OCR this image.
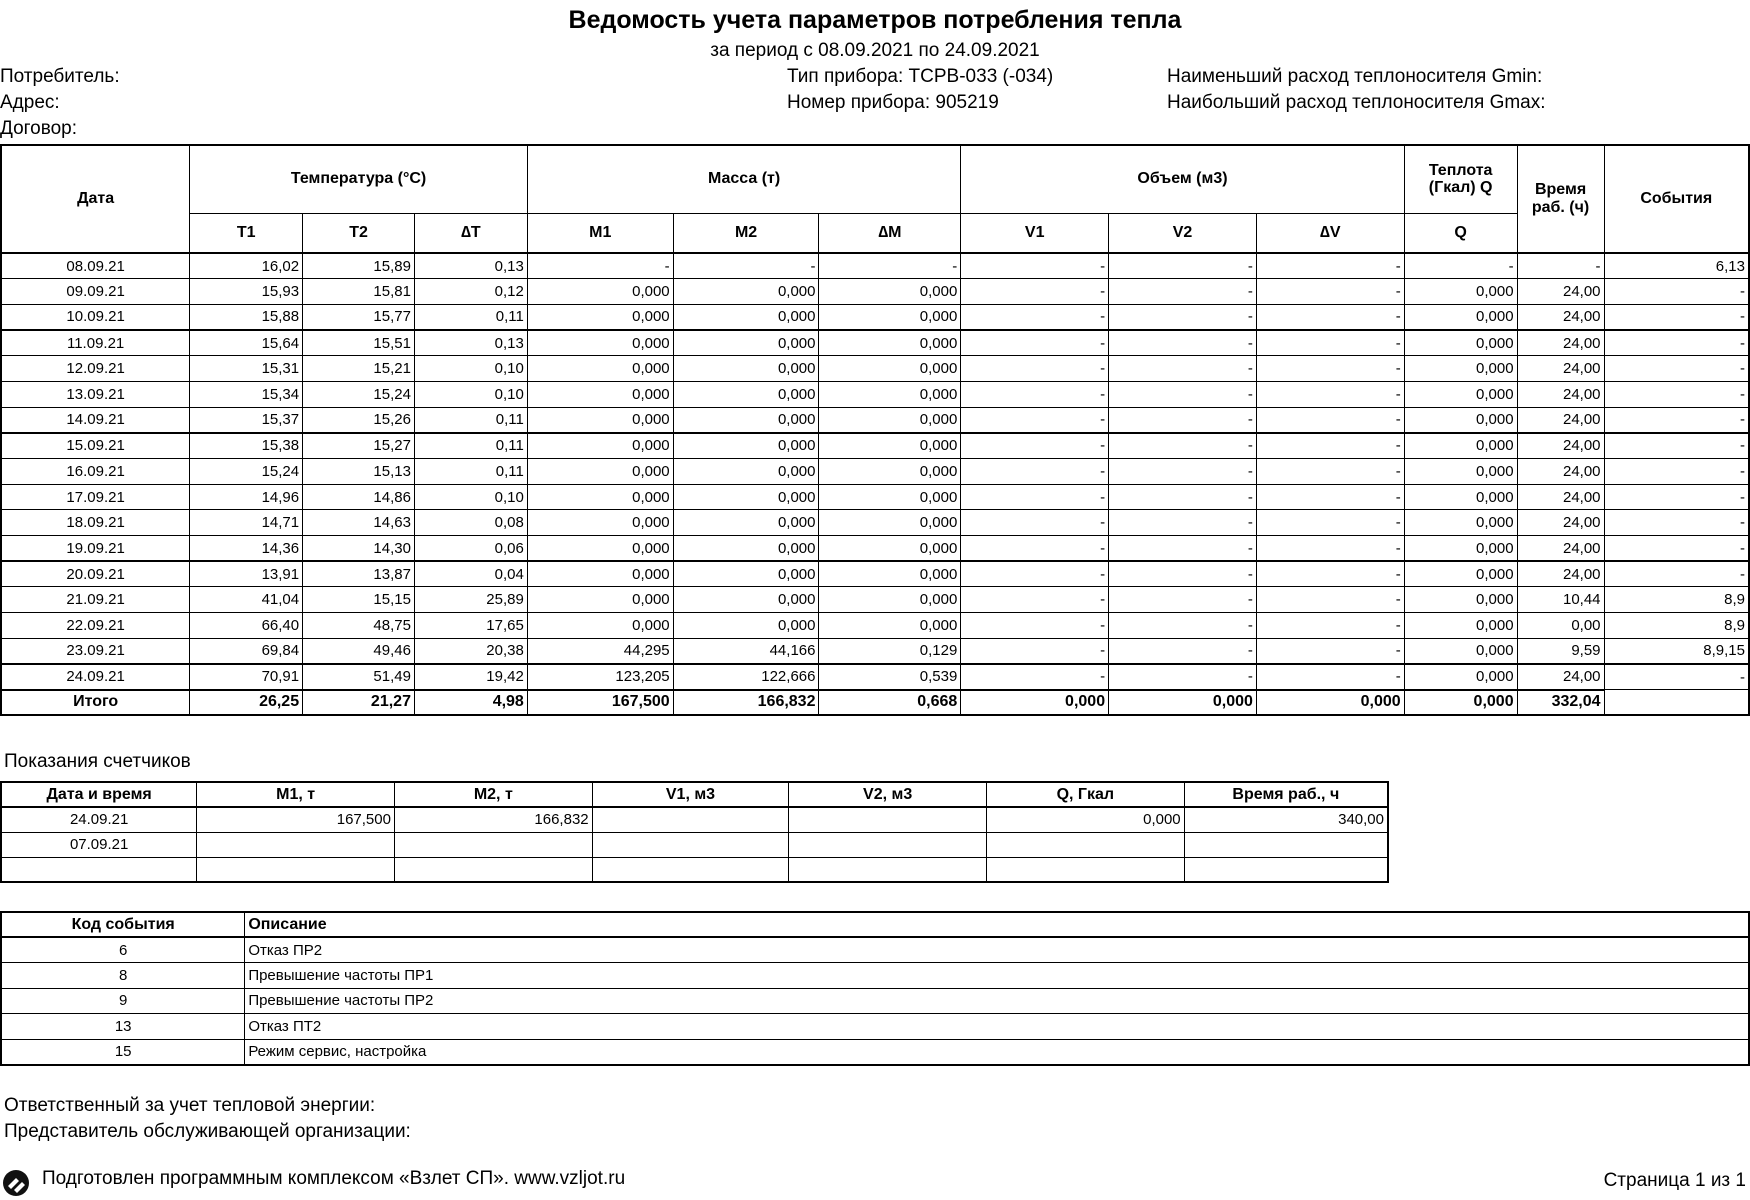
Ведомость учета параметров потребления тепла
за период с 08.09.2021 по 24.09.2021
Потребитель:
Адрес:
Договор:
Тип прибора: ТСРВ-033 (-034)
Номер прибора: 905219
Наименьший расход теплоносителя Gmin:
Наибольший расход теплоносителя Gmax:
Дата	Температура (°С)			Масса (т)			Объем (м3)			Теплота (Гкал) Q	Время раб. (ч)	События
	T1	T2	∆T	M1	M2	∆M	V1	V2	∆V	Q		
08.09.21	16,02	15,89	0,13	-	-	-	-	-	-	-	-	6,13
09.09.21	15,93	15,81	0,12	0,000	0,000	0,000	-	-	-	0,000	24,00	-
10.09.21	15,88	15,77	0,11	0,000	0,000	0,000	-	-	-	0,000	24,00	-
11.09.21	15,64	15,51	0,13	0,000	0,000	0,000	-	-	-	0,000	24,00	-
12.09.21	15,31	15,21	0,10	0,000	0,000	0,000	-	-	-	0,000	24,00	-
13.09.21	15,34	15,24	0,10	0,000	0,000	0,000	-	-	-	0,000	24,00	-
14.09.21	15,37	15,26	0,11	0,000	0,000	0,000	-	-	-	0,000	24,00	-
15.09.21	15,38	15,27	0,11	0,000	0,000	0,000	-	-	-	0,000	24,00	-
16.09.21	15,24	15,13	0,11	0,000	0,000	0,000	-	-	-	0,000	24,00	-
17.09.21	14,96	14,86	0,10	0,000	0,000	0,000	-	-	-	0,000	24,00	-
18.09.21	14,71	14,63	0,08	0,000	0,000	0,000	-	-	-	0,000	24,00	-
19.09.21	14,36	14,30	0,06	0,000	0,000	0,000	-	-	-	0,000	24,00	-
20.09.21	13,91	13,87	0,04	0,000	0,000	0,000	-	-	-	0,000	24,00	-
21.09.21	41,04	15,15	25,89	0,000	0,000	0,000	-	-	-	0,000	10,44	8,9
22.09.21	66,40	48,75	17,65	0,000	0,000	0,000	-	-	-	0,000	0,00	8,9
23.09.21	69,84	49,46	20,38	44,295	44,166	0,129	-	-	-	0,000	9,59	8,9,15
24.09.21	70,91	51,49	19,42	123,205	122,666	0,539	-	-	-	0,000	24,00	-
Итого	26,25	21,27	4,98	167,500	166,832	0,668	0,000	0,000	0,000	0,000	332,04	
Показания счетчиков
Дата и время	M1, т	M2, т	V1, м3	V2, м3	Q, Гкал	Время раб., ч
24.09.21	167,500	166,832			0,000	340,00
07.09.21						

Код события	Описание
6	Отказ ПР2
8	Превышение частоты ПР1
9	Превышение частоты ПР2
13	Отказ ПТ2
15	Режим сервис, настройка
Ответственный за учет тепловой энергии:
Представитель обслуживающей организации:
Подготовлен программным комплексом «Взлет СП». www.vzljot.ru	Страница 1 из 1
